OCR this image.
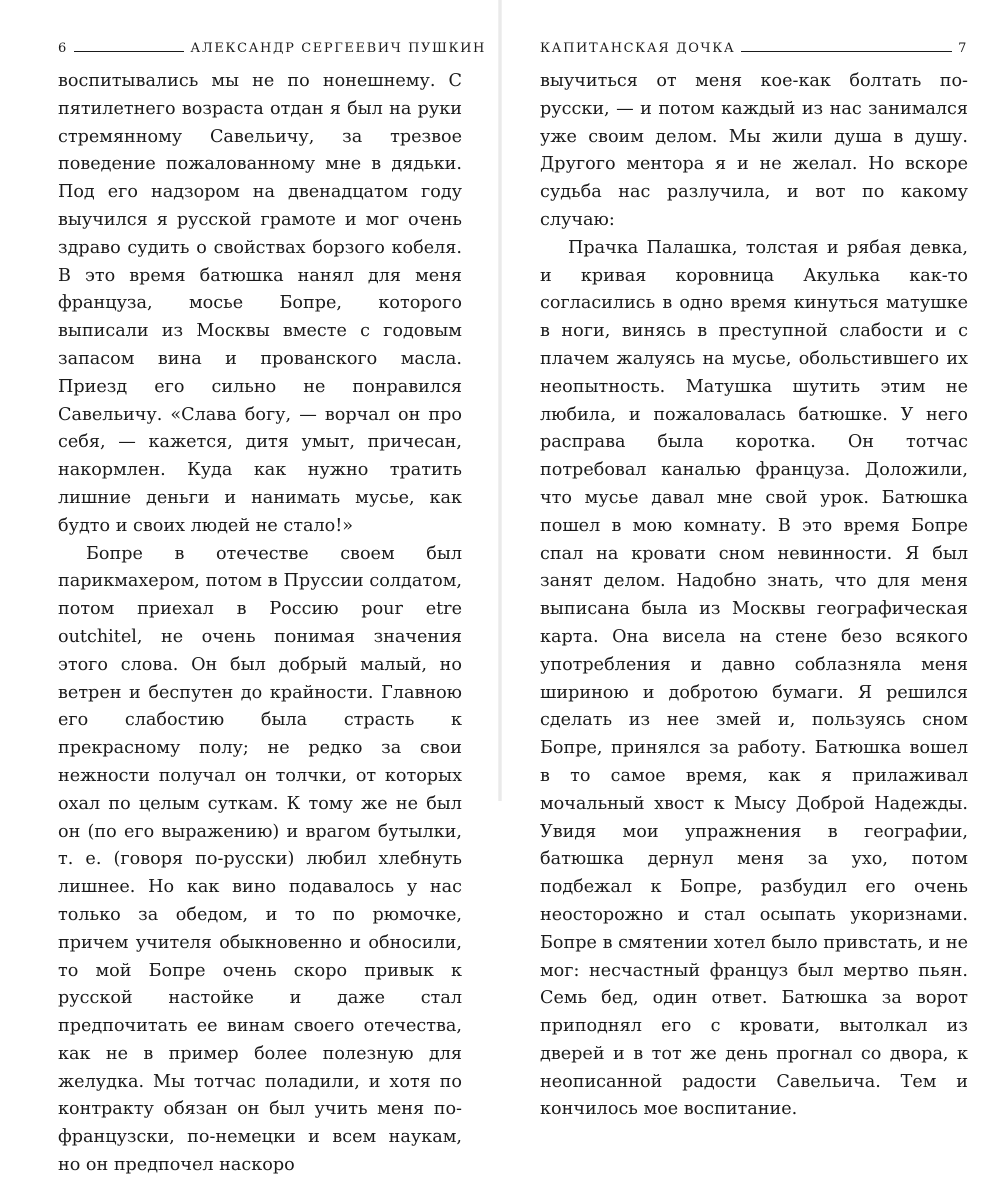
6	АЛЕКСАНДР СЕРГЕЕВИЧ ПУШКИН

воспитывались мы не по нонешнему. С пятилетнего возраста отдан я был на руки стремянному Савельичу, за трезвое поведение пожалованному мне в дядьки. Под его надзором на двенадцатом году выучился я русской грамоте и мог очень здраво судить о свойствах борзого кобеля. В это время батюшка нанял для меня француза, мосье Бопре, которого выписали из Москвы вместе с годовым запасом вина и прованского масла. Приезд его сильно не понравился Савельичу. «Слава богу, — ворчал он про себя, — кажется, дитя умыт, причесан, накормлен. Куда как нужно тратить лишние деньги и нанимать мусье, как будто и своих людей не стало!»

Бопре в отечестве своем был парикмахером, потом в Пруссии солдатом, потом приехал в Россию pour etre outchitel, не очень понимая значения этого слова. Он был добрый малый, но ветрен и беспутен до крайности. Главною его слабостию была страсть к прекрасному полу; не редко за свои нежности получал он толчки, от которых охал по целым суткам. К тому же не был он (по его выражению) и врагом бутылки, т. е. (говоря по-русски) любил хлебнуть лишнее. Но как вино подавалось у нас только за обедом, и то по рюмочке, причем учителя обыкновенно и обносили, то мой Бопре очень скоро привык к русской настойке и даже стал предпочитать ее винам своего отечества, как не в пример более полезную для желудка. Мы тотчас поладили, и хотя по контракту обязан он был учить меня по-французски, по-немецки и всем наукам, но он предпочел наскоро

КАПИТАНСКАЯ ДОЧКА	7

выучиться от меня кое-как болтать по-русски, — и потом каждый из нас занимался уже своим делом. Мы жили душа в душу. Другого ментора я и не желал. Но вскоре судьба нас разлучила, и вот по какому случаю:

Прачка Палашка, толстая и рябая девка, и кривая коровница Акулька как-то согласились в одно время кинуться матушке в ноги, винясь в преступной слабости и с плачем жалуясь на мусье, обольстившего их неопытность. Матушка шутить этим не любила, и пожаловалась батюшке. У него расправа была коротка. Он тотчас потребовал каналью француза. Доложили, что мусье давал мне свой урок. Батюшка пошел в мою комнату. В это время Бопре спал на кровати сном невинности. Я был занят делом. Надобно знать, что для меня выписана была из Москвы географическая карта. Она висела на стене безо всякого употребления и давно соблазняла меня шириною и добротою бумаги. Я решился сделать из нее змей и, пользуясь сном Бопре, принялся за работу. Батюшка вошел в то самое время, как я прилаживал мочальный хвост к Мысу Доброй Надежды. Увидя мои упражнения в географии, батюшка дернул меня за ухо, потом подбежал к Бопре, разбудил его очень неосторожно и стал осыпать укоризнами. Бопре в смятении хотел было привстать, и не мог: несчастный француз был мертво пьян. Семь бед, один ответ. Батюшка за ворот приподнял его с кровати, вытолкал из дверей и в тот же день прогнал со двора, к неописанной радости Савельича. Тем и кончилось мое воспитание.
